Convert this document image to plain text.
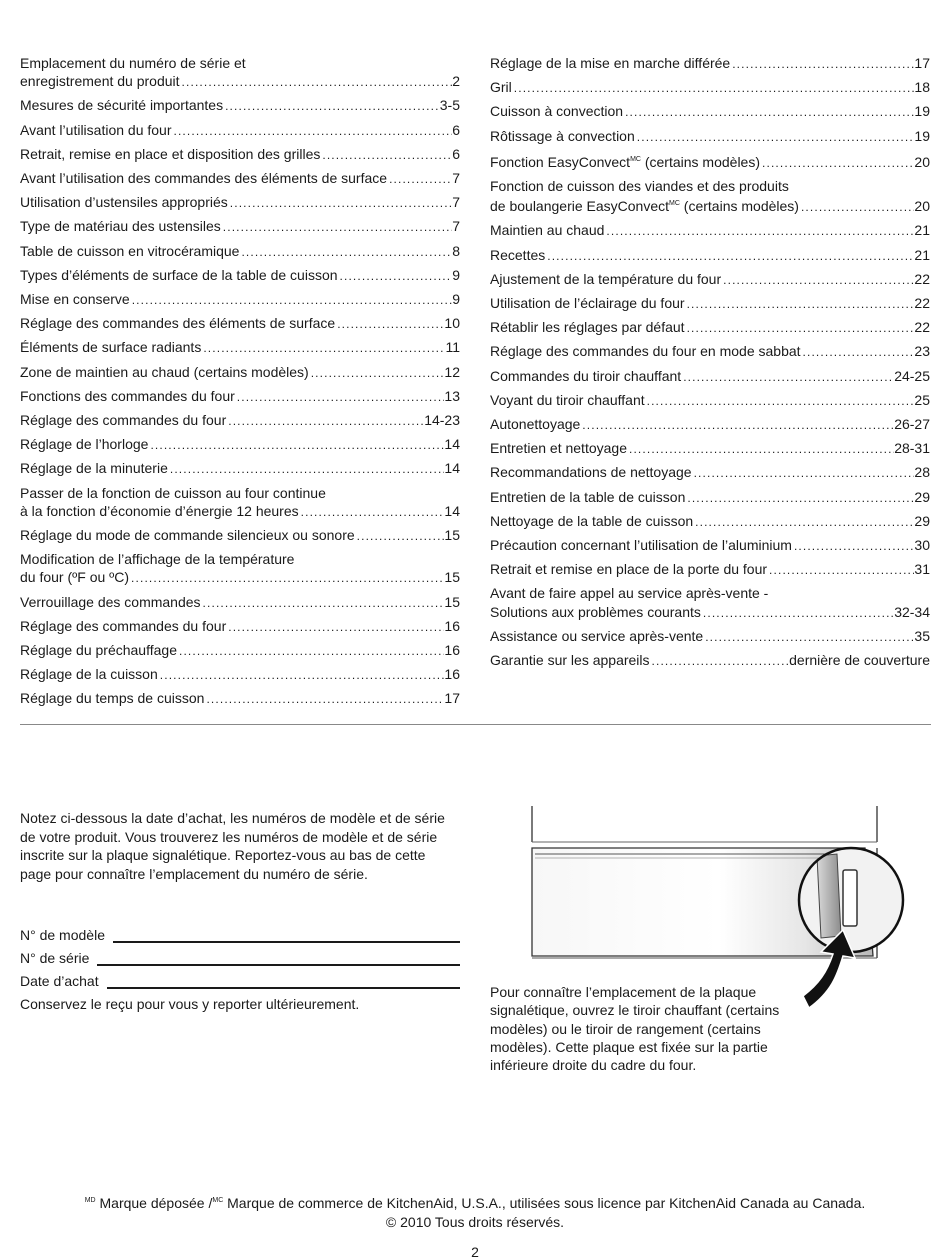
Emplacement du numéro de série et
enregistrement du produit . . .	2
Mesures de sécurité importantes . . .	3-5
Avant l’utilisation du four . . .	6
Retrait, remise en place et disposition des grilles . . .	6
Avant l’utilisation des commandes des éléments de surface . . .	7
Utilisation d’ustensiles appropriés . . .	7
Type de matériau des ustensiles . . .	7
Table de cuisson en vitrocéramique . . .	8
Types d’éléments de surface de la table de cuisson . . .	9
Mise en conserve . . .	9
Réglage des commandes des éléments de surface . . .	10
Éléments de surface radiants . . .	11
Zone de maintien au chaud (certains modèles) . . .	12
Fonctions des commandes du four . . .	13
Réglage des commandes du four . . .	14-23
Réglage de l’horloge . . .	14
Réglage de la minuterie . . .	14
Passer de la fonction de cuisson au four continue
à la fonction d’économie d’énergie 12 heures . . .	14
Réglage du mode de commande silencieux ou sonore . . .	15
Modification de l’affichage de la température
du four (ºF ou ºC) . . .	15
Verrouillage des commandes . . .	15
Réglage des commandes du four . . .	16
Réglage du préchauffage . . .	16
Réglage de la cuisson . . .	16
Réglage du temps de cuisson . . .	17
Réglage de la mise en marche différée . . .	17
Gril . . .	18
Cuisson à convection . . .	19
Rôtissage à convection . . .	19
Fonction EasyConvect$^{MC}$ (certains modèles) . . .	20
Fonction de cuisson des viandes et des produits
de boulangerie EasyConvect$^{MC}$ (certains modèles) . . .	20
Maintien au chaud . . .	21
Recettes . . .	21
Ajustement de la température du four . . .	22
Utilisation de l’éclairage du four . . .	22
Rétablir les réglages par défaut . . .	22
Réglage des commandes du four en mode sabbat . . .	23
Commandes du tiroir chauffant . . .	24-25
Voyant du tiroir chauffant . . .	25
Autonettoyage . . .	26-27
Entretien et nettoyage . . .	28-31
Recommandations de nettoyage . . .	28
Entretien de la table de cuisson . . .	29
Nettoyage de la table de cuisson . . .	29
Précaution concernant l’utilisation de l’aluminium . . .	30
Retrait et remise en place de la porte du four . . .	31
Avant de faire appel au service après-vente -
Solutions aux problèmes courants . . .	32-34
Assistance ou service après-vente . . .	35
Garantie sur les appareils . . .	dernière de couverture

Notez ci-dessous la date d’achat, les numéros de modèle et de série de votre produit. Vous trouverez les numéros de modèle et de série inscrite sur la plaque signalétique. Reportez-vous au bas de cette page pour connaître l’emplacement du numéro de série.

N° de modèle
N° de série
Date d’achat
Conservez le reçu pour vous y reporter ultérieurement.

Pour connaître l’emplacement de la plaque signalétique, ouvrez le tiroir chauffant (certains modèles) ou le tiroir de rangement (certains modèles). Cette plaque est fixée sur la partie inférieure droite du cadre du four.

$^{MD}$ Marque déposée /$^{MC}$ Marque de commerce de KitchenAid, U.S.A., utilisées sous licence par KitchenAid Canada au Canada.
© 2010 Tous droits réservés.
2
